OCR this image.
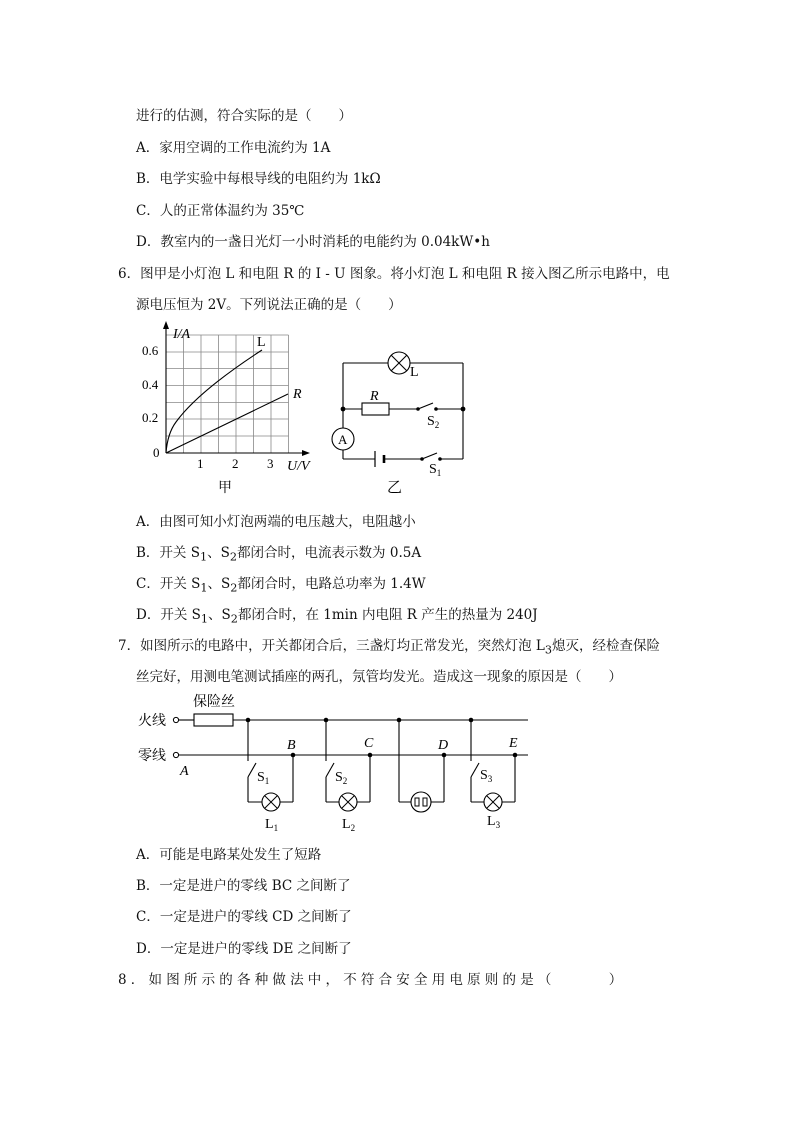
进行的估测，符合实际的是（　　）
A．家用空调的工作电流约为 1A
B．电学实验中每根导线的电阻约为 1kΩ
C．人的正常体温约为 35℃
D．教室内的一盏日光灯一小时消耗的电能约为 0.04kW•h
6．图甲是小灯泡 L 和电阻 R 的 I - U 图象。将小灯泡 L 和电阻 R 接入图乙所示电路中，电
源电压恒为 2V。下列说法正确的是（　　）
I/A
0.6
0.4
0.2
0
1 2 3 U/V
L
R
甲
A
L
R
$S_2$
$S_1$
乙
A．由图可知小灯泡两端的电压越大，电阻越小
B．开关 $S_1$、$S_2$都闭合时，电流表示数为 0.5A
C．开关 $S_1$、$S_2$都闭合时，电路总功率为 1.4W
D．开关 $S_1$、$S_2$都闭合时，在 1min 内电阻 R 产生的热量为 240J
7．如图所示的电路中，开关都闭合后，三盏灯均正常发光，突然灯泡 $L_3$熄灭，经检查保险
丝完好，用测电笔测试插座的两孔，氖管均发光。造成这一现象的原因是（　　）
保险丝
火线
零线
A
B	C	D	E
$S_1$	$S_2$	$S_3$
$L_1$	$L_2$	$L_3$
A．可能是电路某处发生了短路
B．一定是进户的零线 BC 之间断了
C．一定是进户的零线 CD 之间断了
D．一定是进户的零线 DE 之间断了
8．如图所示的各种做法中，不符合安全用电原则的是（　　　）
